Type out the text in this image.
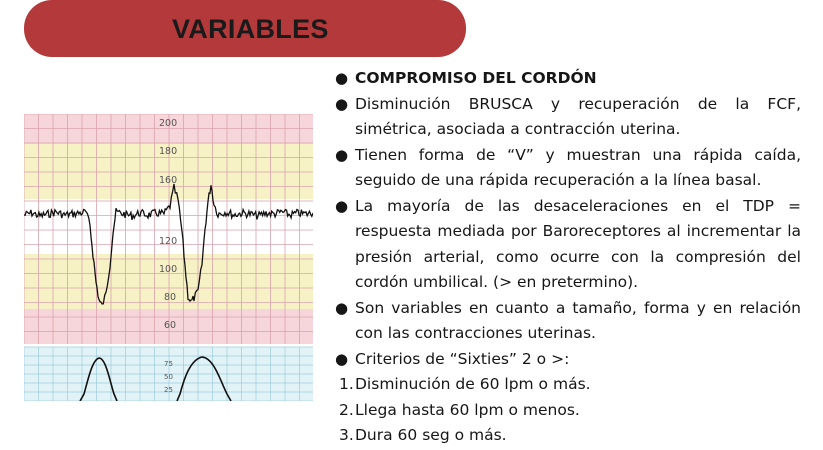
VARIABLES
200
180
160
120
100
80
60
75
50
25
● COMPROMISO DEL CORDÓN
● Disminución BRUSCA y recuperación de la FCF, simétrica, asociada a contracción uterina.
● Tienen forma de “V” y muestran una rápida caída, seguido de una rápida recuperación a la línea basal.
● La mayoría de las desaceleraciones en el TDP = respuesta mediada por Baroreceptores al incrementar la presión arterial, como ocurre con la compresión del cordón umbilical. (> en pretermino).
● Son variables en cuanto a tamaño, forma y en relación con las contracciones uterinas.
● Criterios de “Sixties” 2 o >:
1. Disminución de 60 lpm o más.
2. Llega hasta 60 lpm o menos.
3. Dura 60 seg o más.
